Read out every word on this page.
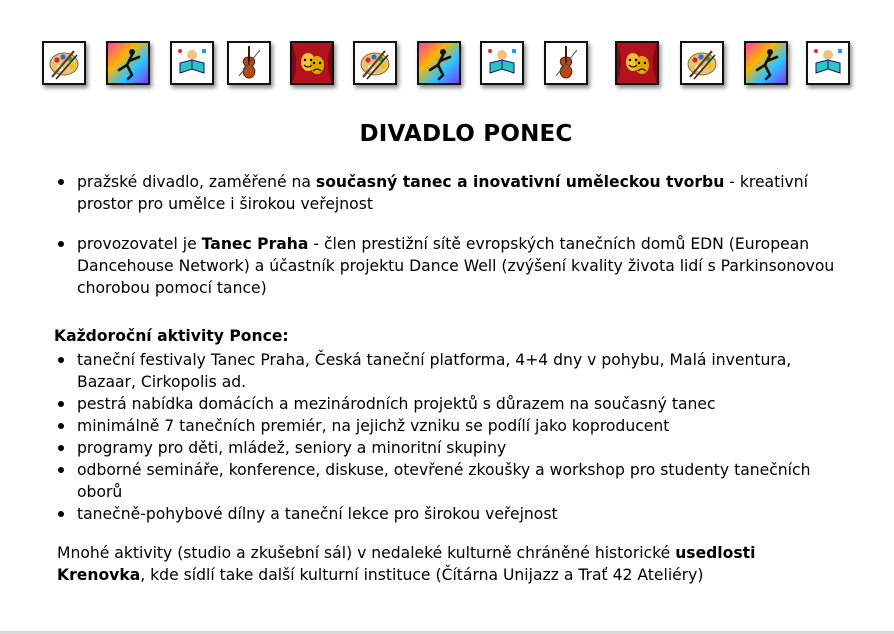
DIVADLO PONEC
pražské divadlo, zaměřené na současný tanec a inovativní uměleckou tvorbu - kreativní prostor pro umělce i širokou veřejnost
provozovatel je Tanec Praha - člen prestižní sítě evropských tanečních domů EDN (European Dancehouse Network) a účastník projektu Dance Well (zvýšení kvality života lidí s Parkinsonovou chorobou pomocí tance)
Každoroční aktivity Ponce:
taneční festivaly Tanec Praha, Česká taneční platforma, 4+4 dny v pohybu, Malá inventura, Bazaar, Cirkopolis ad.
pestrá nabídka domácích a mezinárodních projektů s důrazem na současný tanec
minimálně 7 tanečních premiér, na jejichž vzniku se podílí jako koproducent
programy pro děti, mládež, seniory a minoritní skupiny
odborné semináře, konference, diskuse, otevřené zkoušky a workshop pro studenty tanečních oborů
tanečně-pohybové dílny a taneční lekce pro širokou veřejnost
Mnohé aktivity (studio a zkušební sál) v nedaleké kulturně chráněné historické usedlosti Krenovka, kde sídlí take další kulturní instituce (Čítárna Unijazz a Trať 42 Ateliéry)
